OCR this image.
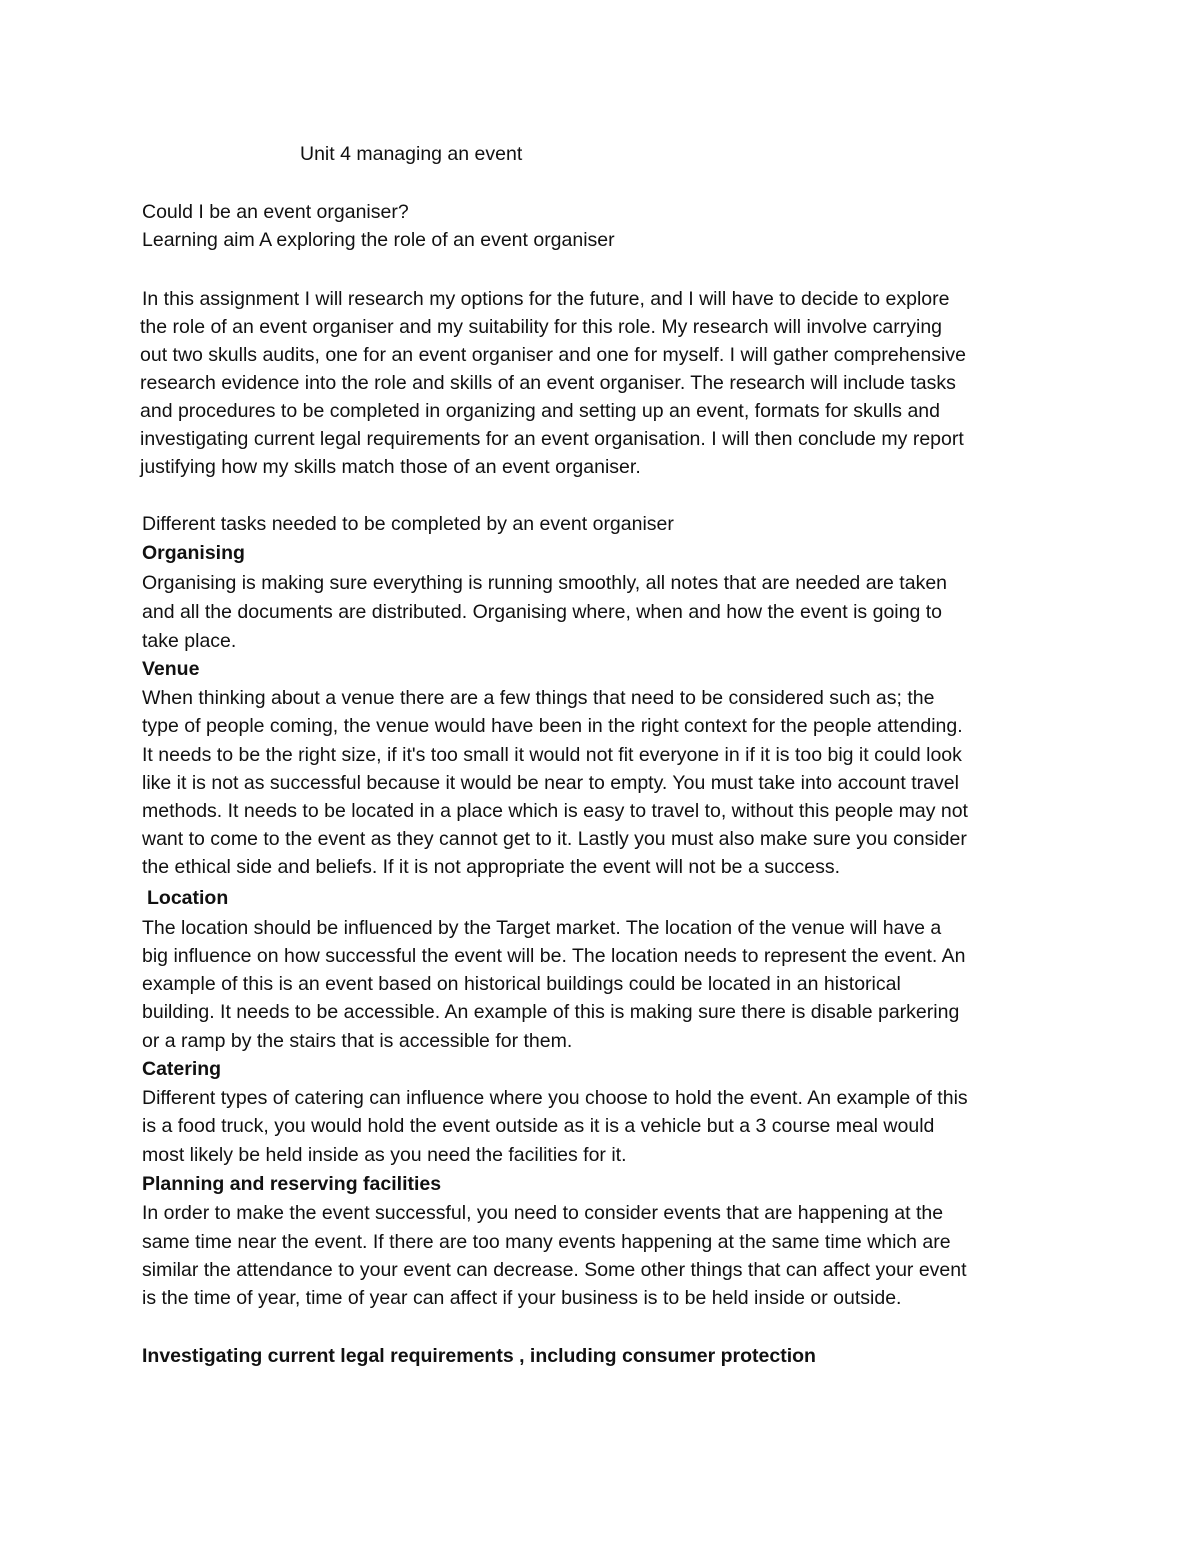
Unit 4 managing an event

Could I be an event organiser?

Learning aim A exploring the role of an event organiser

In this assignment I will research my options for the future, and I will have to decide to explore

the role of an event organiser and my suitability for this role. My research will involve carrying

out two skulls audits, one for an event organiser and one for myself. I will gather comprehensive

research evidence into the role and skills of an event organiser. The research will include tasks

and procedures to be completed in organizing and setting up an event, formats for skulls and

investigating current legal requirements for an event organisation. I will then conclude my report

justifying how my skills match those of an event organiser.

Different tasks needed to be completed by an event organiser

Organising

Organising is making sure everything is running smoothly, all notes that are needed are taken

and all the documents are distributed. Organising where, when and how the event is going to

take place.

Venue

When thinking about a venue there are a few things that need to be considered such as; the

type of people coming, the venue would have been in the right context for the people attending.

It needs to be the right size, if it's too small it would not fit everyone in if it is too big it could look

like it is not as successful because it would be near to empty. You must take into account travel

methods. It needs to be located in a place which is easy to travel to, without this people may not

want to come to the event as they cannot get to it. Lastly you must also make sure you consider

the ethical side and beliefs. If it is not appropriate the event will not be a success.

Location

The location should be influenced by the Target market. The location of the venue will have a

big influence on how successful the event will be. The location needs to represent the event. An

example of this is an event based on historical buildings could be located in an historical

building. It needs to be accessible. An example of this is making sure there is disable parkering

or a ramp by the stairs that is accessible for them.

Catering

Different types of catering can influence where you choose to hold the event. An example of this

is a food truck, you would hold the event outside as it is a vehicle but a 3 course meal would

most likely be held inside as you need the facilities for it.

Planning and reserving facilities

In order to make the event successful, you need to consider events that are happening at the

same time near the event. If there are too many events happening at the same time which are

similar the attendance to your event can decrease. Some other things that can affect your event

is the time of year, time of year can affect if your business is to be held inside or outside.

Investigating current legal requirements , including consumer protection
